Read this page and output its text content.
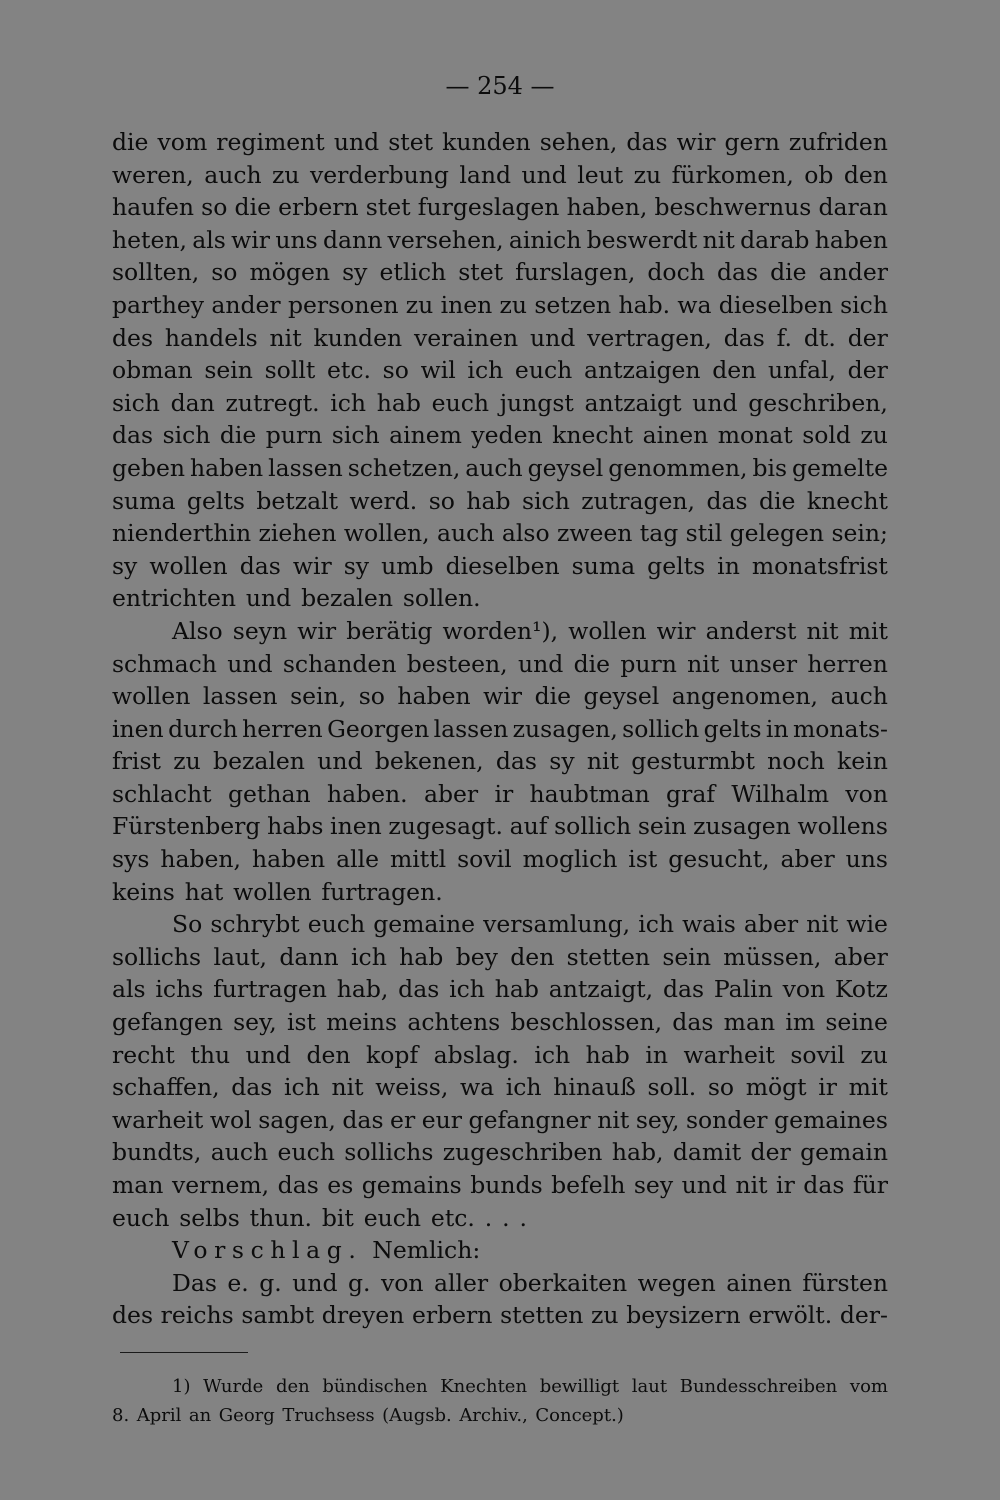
— 254 —
die vom regiment und stet kunden sehen, das wir gern zufriden
weren, auch zu verderbung land und leut zu fürkomen, ob den
haufen so die erbern stet furgeslagen haben, beschwernus daran
heten, als wir uns dann versehen, ainich beswerdt nit darab haben
sollten, so mögen sy etlich stet furslagen, doch das die ander
parthey ander personen zu inen zu setzen hab. wa dieselben sich
des handels nit kunden verainen und vertragen, das f. dt. der
obman sein sollt etc. so wil ich euch antzaigen den unfal, der
sich dan zutregt. ich hab euch jungst antzaigt und geschriben,
das sich die purn sich ainem yeden knecht ainen monat sold zu
geben haben lassen schetzen, auch geysel genommen, bis gemelte
suma gelts betzalt werd. so hab sich zutragen, das die knecht
nienderthin ziehen wollen, auch also zween tag stil gelegen sein;
sy wollen das wir sy umb dieselben suma gelts in monatsfrist
entrichten und bezalen sollen.
Also seyn wir berätig worden¹), wollen wir anderst nit mit
schmach und schanden besteen, und die purn nit unser herren
wollen lassen sein, so haben wir die geysel angenomen, auch
inen durch herren Georgen lassen zusagen, sollich gelts in monats-
frist zu bezalen und bekenen, das sy nit gesturmbt noch kein
schlacht gethan haben. aber ir haubtman graf Wilhalm von
Fürstenberg habs inen zugesagt. auf sollich sein zusagen wollens
sys haben, haben alle mittl sovil moglich ist gesucht, aber uns
keins hat wollen furtragen.
So schrybt euch gemaine versamlung, ich wais aber nit wie
sollichs laut, dann ich hab bey den stetten sein müssen, aber
als ichs furtragen hab, das ich hab antzaigt, das Palin von Kotz
gefangen sey, ist meins achtens beschlossen, das man im seine
recht thu und den kopf abslag. ich hab in warheit sovil zu
schaffen, das ich nit weiss, wa ich hinauß soll. so mögt ir mit
warheit wol sagen, das er eur gefangner nit sey, sonder gemaines
bundts, auch euch sollichs zugeschriben hab, damit der gemain
man vernem, das es gemains bunds befelh sey und nit ir das für
euch selbs thun. bit euch etc. . . .
Vorschlag. Nemlich:
Das e. g. und g. von aller oberkaiten wegen ainen fürsten
des reichs sambt dreyen erbern stetten zu beysizern erwölt. der-
1) Wurde den bündischen Knechten bewilligt laut Bundesschreiben vom
8. April an Georg Truchsess (Augsb. Archiv., Concept.)
